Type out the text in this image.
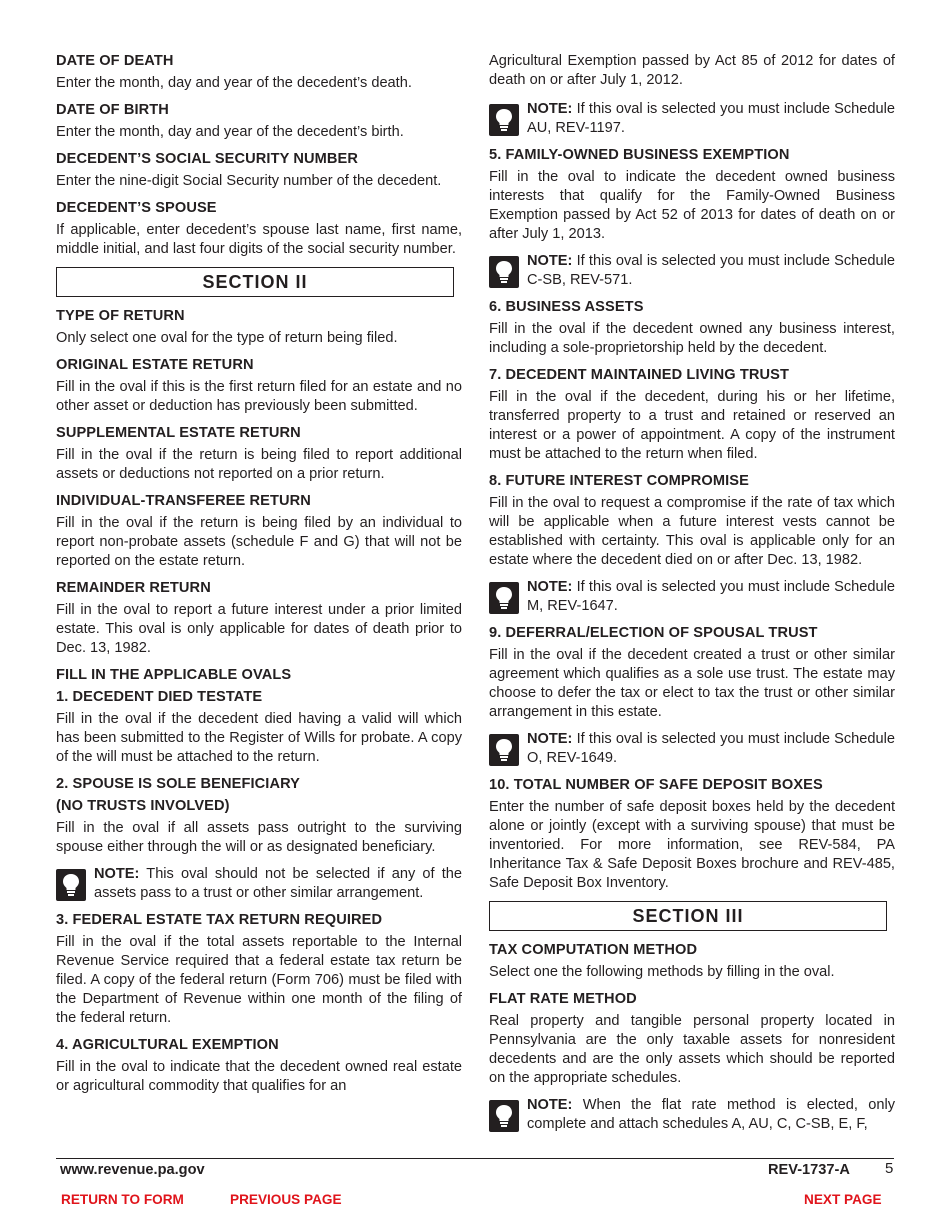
DATE OF DEATH

Enter the month, day and year of the decedent’s death.

DATE OF BIRTH

Enter the month, day and year of the decedent’s birth.

DECEDENT’S SOCIAL SECURITY NUMBER

Enter the nine-digit Social Security number of the decedent.

DECEDENT’S SPOUSE

If applicable, enter decedent’s spouse last name, first name, middle initial, and last four digits of the social security number.

SECTION II
TYPE OF RETURN

Only select one oval for the type of return being filed.

ORIGINAL ESTATE RETURN

Fill in the oval if this is the first return filed for an estate and no other asset or deduction has previously been submitted.

SUPPLEMENTAL ESTATE RETURN

Fill in the oval if the return is being filed to report additional assets or deductions not reported on a prior return.

INDIVIDUAL-TRANSFEREE RETURN

Fill in the oval if the return is being filed by an individual to report non-probate assets (schedule F and G) that will not be reported on the estate return.

REMAINDER RETURN

Fill in the oval to report a future interest under a prior limited estate. This oval is only applicable for dates of death prior to Dec. 13, 1982.

FILL IN THE APPLICABLE OVALS
1. DECEDENT DIED TESTATE

Fill in the oval if the decedent died having a valid will which has been submitted to the Register of Wills for probate. A copy of the will must be attached to the return.

2. SPOUSE IS SOLE BENEFICIARY
(NO TRUSTS INVOLVED)

Fill in the oval if all assets pass outright to the surviving spouse either through the will or as designated beneficiary.

NOTE: This oval should not be selected if any of the assets pass to a trust or other similar arrangement.

3. FEDERAL ESTATE TAX RETURN REQUIRED

Fill in the oval if the total assets reportable to the Internal Revenue Service required that a federal estate tax return be filed. A copy of the federal return (Form 706) must be filed with the Department of Revenue within one month of the filing of the federal return.

4. AGRICULTURAL EXEMPTION

Fill in the oval to indicate that the decedent owned real estate or agricultural commodity that qualifies for an

Agricultural Exemption passed by Act 85 of 2012 for dates of death on or after July 1, 2012.

NOTE: If this oval is selected you must include Schedule AU, REV-1197.

5. FAMILY-OWNED BUSINESS EXEMPTION

Fill in the oval to indicate the decedent owned business interests that qualify for the Family-Owned Business Exemption passed by Act 52 of 2013 for dates of death on or after July 1, 2013.

NOTE: If this oval is selected you must include Schedule C-SB, REV-571.

6. BUSINESS ASSETS

Fill in the oval if the decedent owned any business interest, including a sole-proprietorship held by the decedent.

7. DECEDENT MAINTAINED LIVING TRUST

Fill in the oval if the decedent, during his or her lifetime, transferred property to a trust and retained or reserved an interest or a power of appointment. A copy of the instrument must be attached to the return when filed.

8. FUTURE INTEREST COMPROMISE

Fill in the oval to request a compromise if the rate of tax which will be applicable when a future interest vests cannot be established with certainty. This oval is applicable only for an estate where the decedent died on or after Dec. 13, 1982.

NOTE: If this oval is selected you must include Schedule M, REV-1647.

9. DEFERRAL/ELECTION OF SPOUSAL TRUST

Fill in the oval if the decedent created a trust or other similar agreement which qualifies as a sole use trust. The estate may choose to defer the tax or elect to tax the trust or other similar arrangement in this estate.

NOTE: If this oval is selected you must include Schedule O, REV-1649.

10. TOTAL NUMBER OF SAFE DEPOSIT BOXES

Enter the number of safe deposit boxes held by the decedent alone or jointly (except with a surviving spouse) that must be inventoried. For more information, see REV-584, PA Inheritance Tax & Safe Deposit Boxes brochure and REV-485, Safe Deposit Box Inventory.

SECTION III
TAX COMPUTATION METHOD

Select one the following methods by filling in the oval.

FLAT RATE METHOD

Real property and tangible personal property located in Pennsylvania are the only taxable assets for nonresident decedents and are the only assets which should be reported on the appropriate schedules.

NOTE: When the flat rate method is elected, only complete and attach schedules A, AU, C, C-SB, E, F,

www.revenue.pa.gov	REV-1737-A 5
RETURN TO FORM	PREVIOUS PAGE	NEXT PAGE
